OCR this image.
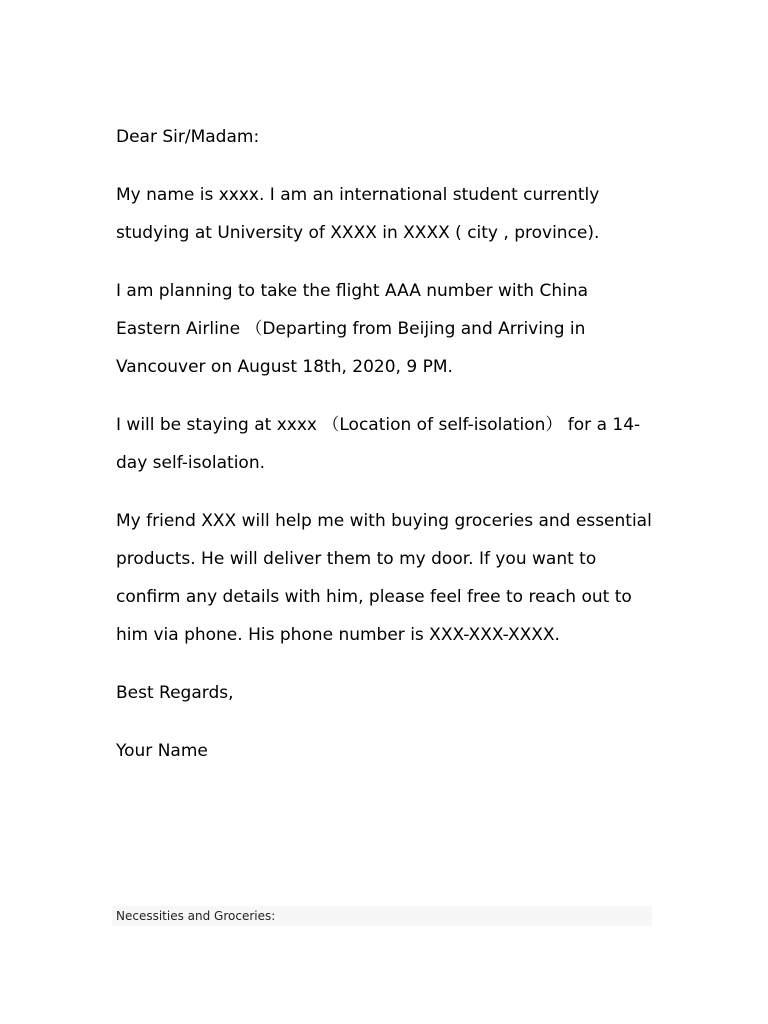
Dear Sir/Madam:

My name is xxxx. I am an international student currently studying at University of XXXX in XXXX ( city , province).

I am planning to take the flight AAA number with China Eastern Airline （Departing from Beijing and Arriving in Vancouver on August 18th, 2020, 9 PM.

I will be staying at xxxx （Location of self-isolation） for a 14-day self-isolation.

My friend XXX will help me with buying groceries and essential products. He will deliver them to my door. If you want to confirm any details with him, please feel free to reach out to him via phone. His phone number is XXX-XXX-XXXX.

Best Regards,

Your Name

Necessities and Groceries:
